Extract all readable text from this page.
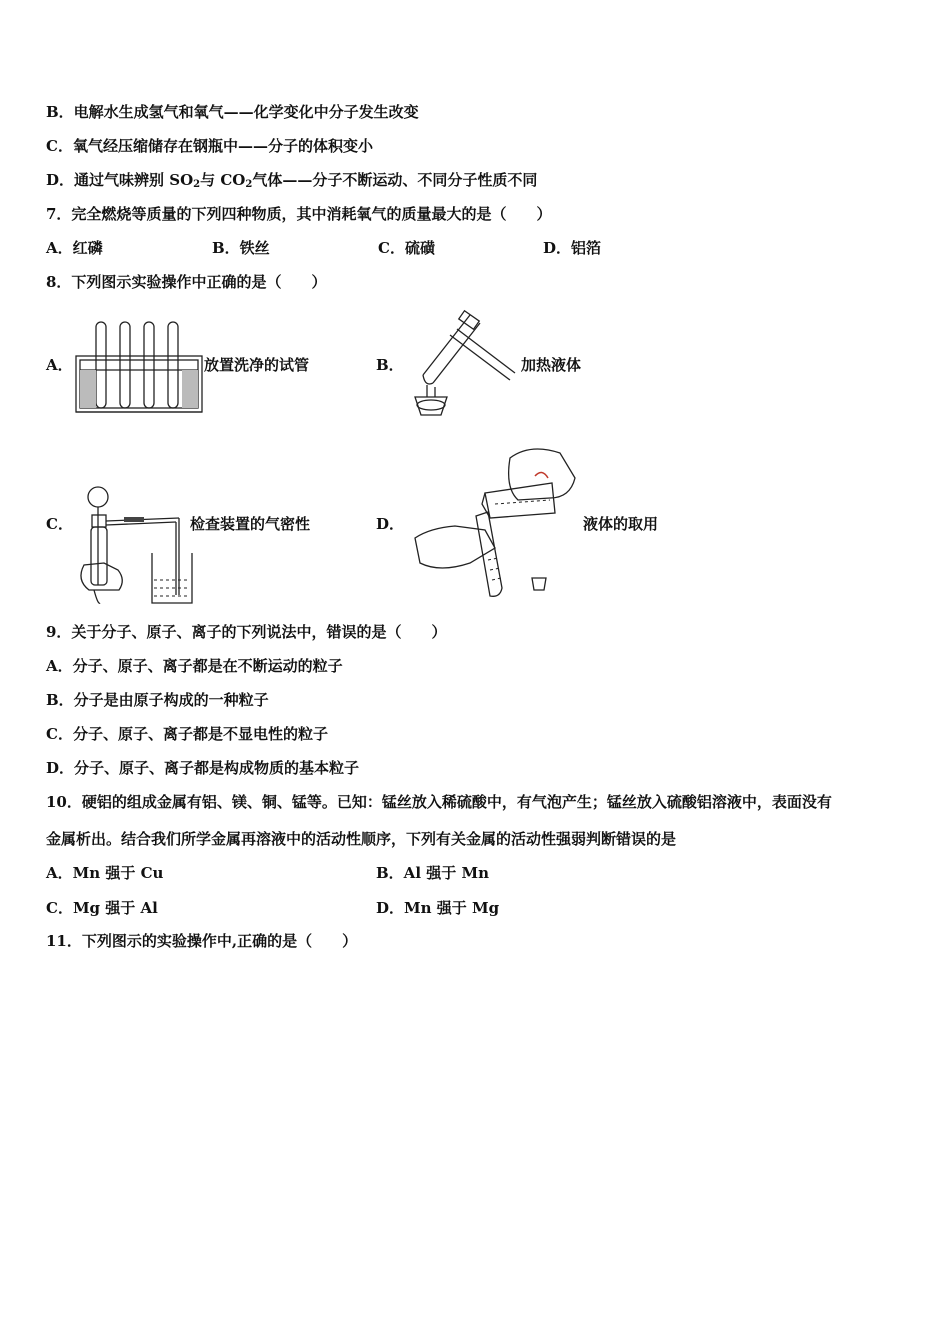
B．电解水生成氢气和氧气——化学变化中分子发生改变
C．氧气经压缩储存在钢瓶中——分子的体积变小
D．通过气味辨别 $SO_2$与 $CO_2$气体——分子不断运动、不同分子性质不同
7．完全燃烧等质量的下列四种物质，其中消耗氧气的质量最大的是（　　）
A．红磷	B．铁丝	C．硫磺	D．铝箔
8．下列图示实验操作中正确的是（　　）
A．	放置洗净的试管	B．	加热液体
C．	检查装置的气密性	D．	液体的取用
9．关于分子、原子、离子的下列说法中，错误的是（　　）
A．分子、原子、离子都是在不断运动的粒子
B．分子是由原子构成的一种粒子
C．分子、原子、离子都是不显电性的粒子
D．分子、原子、离子都是构成物质的基本粒子
10．硬铝的组成金属有铝、镁、铜、锰等。已知：锰丝放入稀硫酸中，有气泡产生；锰丝放入硫酸铝溶液中，表面没有
金属析出。结合我们所学金属再溶液中的活动性顺序，下列有关金属的活动性强弱判断错误的是
A．Mn 强于 Cu	B．Al 强于 Mn
C．Mg 强于 Al	D．Mn 强于 Mg
11．下列图示的实验操作中,正确的是（　　）
